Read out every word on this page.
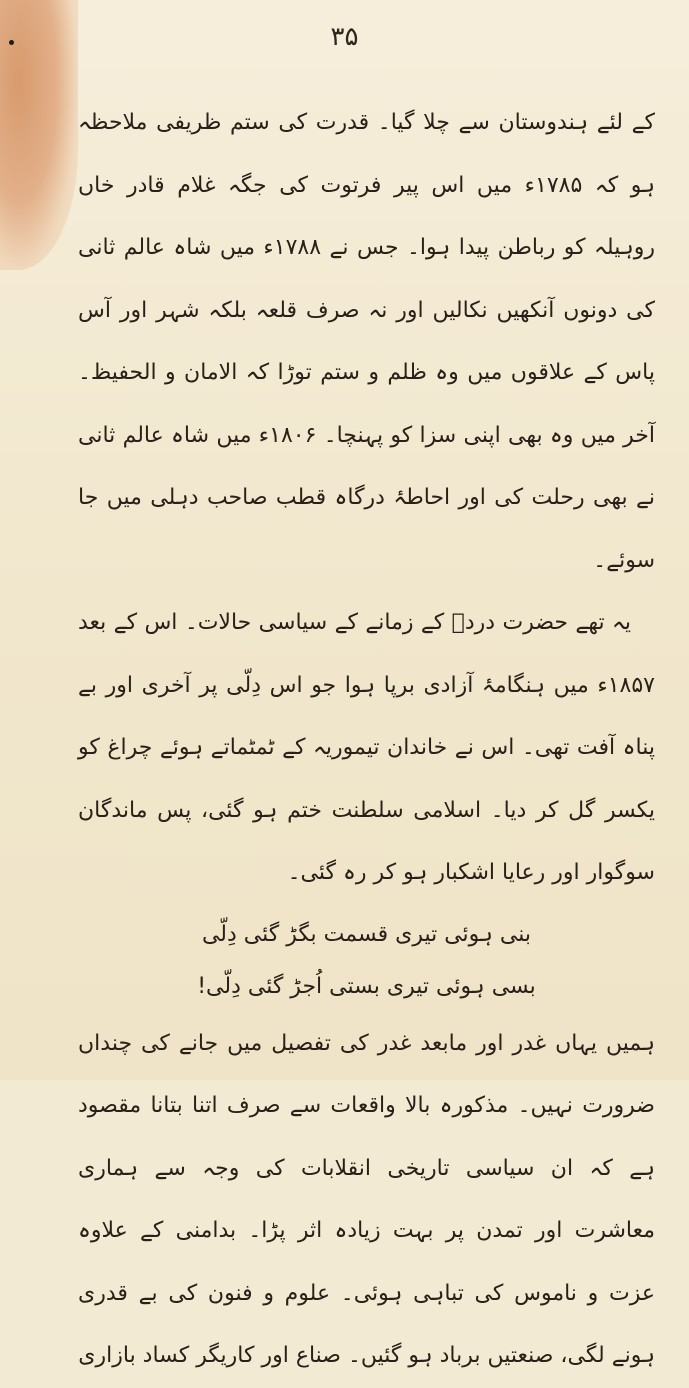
۳۵

کے لئے ہندوستان سے چلا گیا۔ قدرت کی ستم ظریفی ملاحظہ ہو کہ ۱۷۸۵ء میں اس پیر فرتوت کی جگہ غلام قادر خاں روہیلہ کو رباطن پیدا ہوا۔ جس نے ۱۷۸۸ء میں شاہ عالم ثانی کی دونوں آنکھیں نکالیں اور نہ صرف قلعہ بلکہ شہر اور آس پاس کے علاقوں میں وہ ظلم و ستم توڑا کہ الامان و الحفیظ۔ آخر میں وہ بھی اپنی سزا کو پہنچا۔ ۱۸۰۶ء میں شاہ عالم ثانی نے بھی رحلت کی اور احاطۂ درگاہ قطب صاحب دہلی میں جا سوئے۔

یہ تھے حضرت دردؔ کے زمانے کے سیاسی حالات۔ اس کے بعد ۱۸۵۷ء میں ہنگامۂ آزادی برپا ہوا جو اس دِلّی پر آخری اور بے پناہ آفت تھی۔ اس نے خاندان تیموریہ کے ٹمٹماتے ہوئے چراغ کو یکسر گل کر دیا۔ اسلامی سلطنت ختم ہو گئی، پس ماندگان سوگوار اور رعایا اشکبار ہو کر رہ گئی۔

بنی ہوئی تیری قسمت بگڑ گئی دِلّی
بسی ہوئی تیری بستی اُجڑ گئی دِلّی!

ہمیں یہاں غدر اور مابعد غدر کی تفصیل میں جانے کی چنداں ضرورت نہیں۔ مذکورہ بالا واقعات سے صرف اتنا بتانا مقصود ہے کہ ان سیاسی تاریخی انقلابات کی وجہ سے ہماری معاشرت اور تمدن پر بہت زیادہ اثر پڑا۔ بدامنی کے علاوہ عزت و ناموس کی تباہی ہوئی۔ علوم و فنون کی بے قدری ہونے لگی، صنعتیں برباد ہو گئیں۔ صناع اور کاریگر کساد بازاری
